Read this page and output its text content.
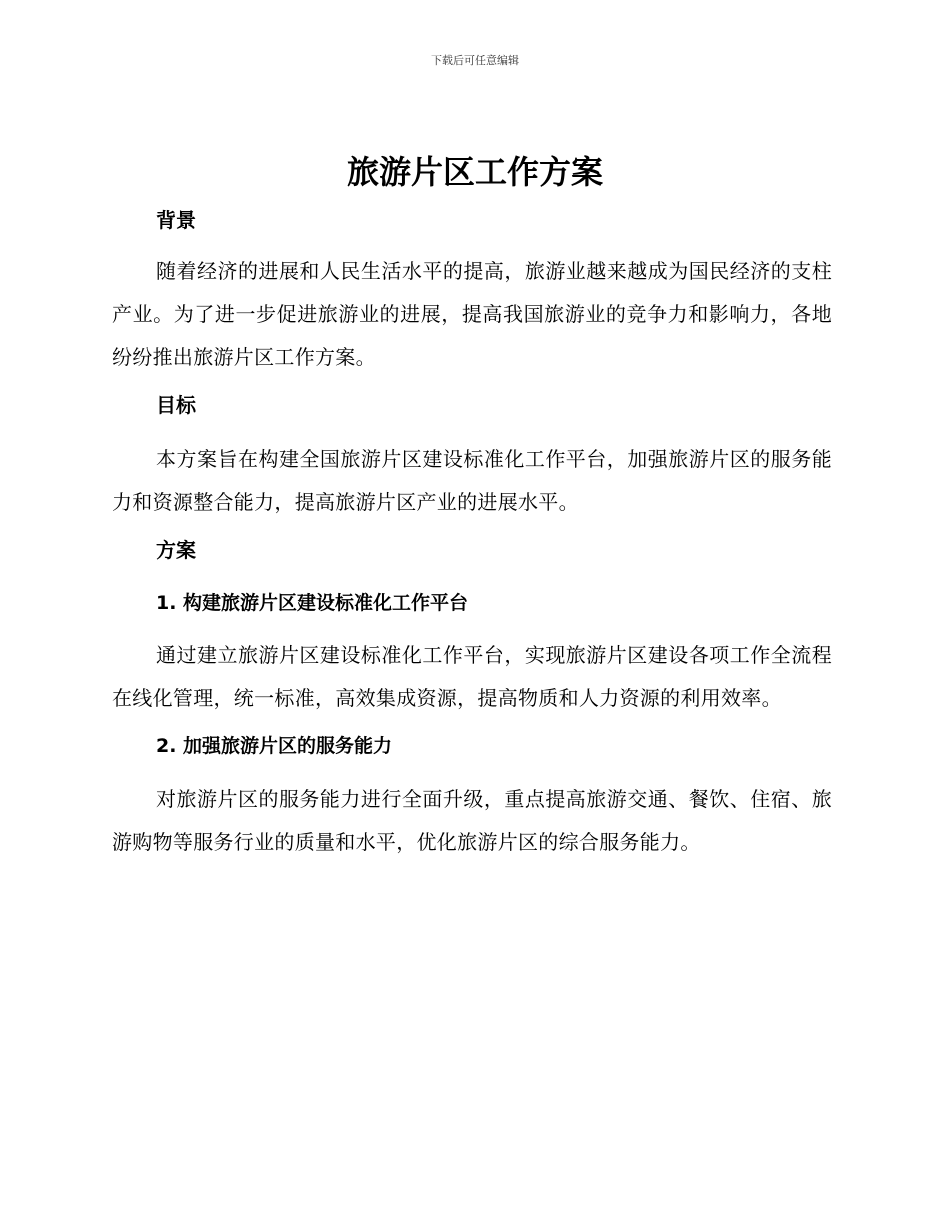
下载后可任意编辑
旅游片区工作方案
背景

随着经济的进展和人民生活水平的提高，旅游业越来越成为国民经济的支柱产业。为了进一步促进旅游业的进展，提高我国旅游业的竞争力和影响力，各地纷纷推出旅游片区工作方案。

目标

本方案旨在构建全国旅游片区建设标准化工作平台，加强旅游片区的服务能力和资源整合能力，提高旅游片区产业的进展水平。

方案
1. 构建旅游片区建设标准化工作平台

通过建立旅游片区建设标准化工作平台，实现旅游片区建设各项工作全流程在线化管理，统一标准，高效集成资源，提高物质和人力资源的利用效率。

2. 加强旅游片区的服务能力

对旅游片区的服务能力进行全面升级，重点提高旅游交通、餐饮、住宿、旅游购物等服务行业的质量和水平，优化旅游片区的综合服务能力。
